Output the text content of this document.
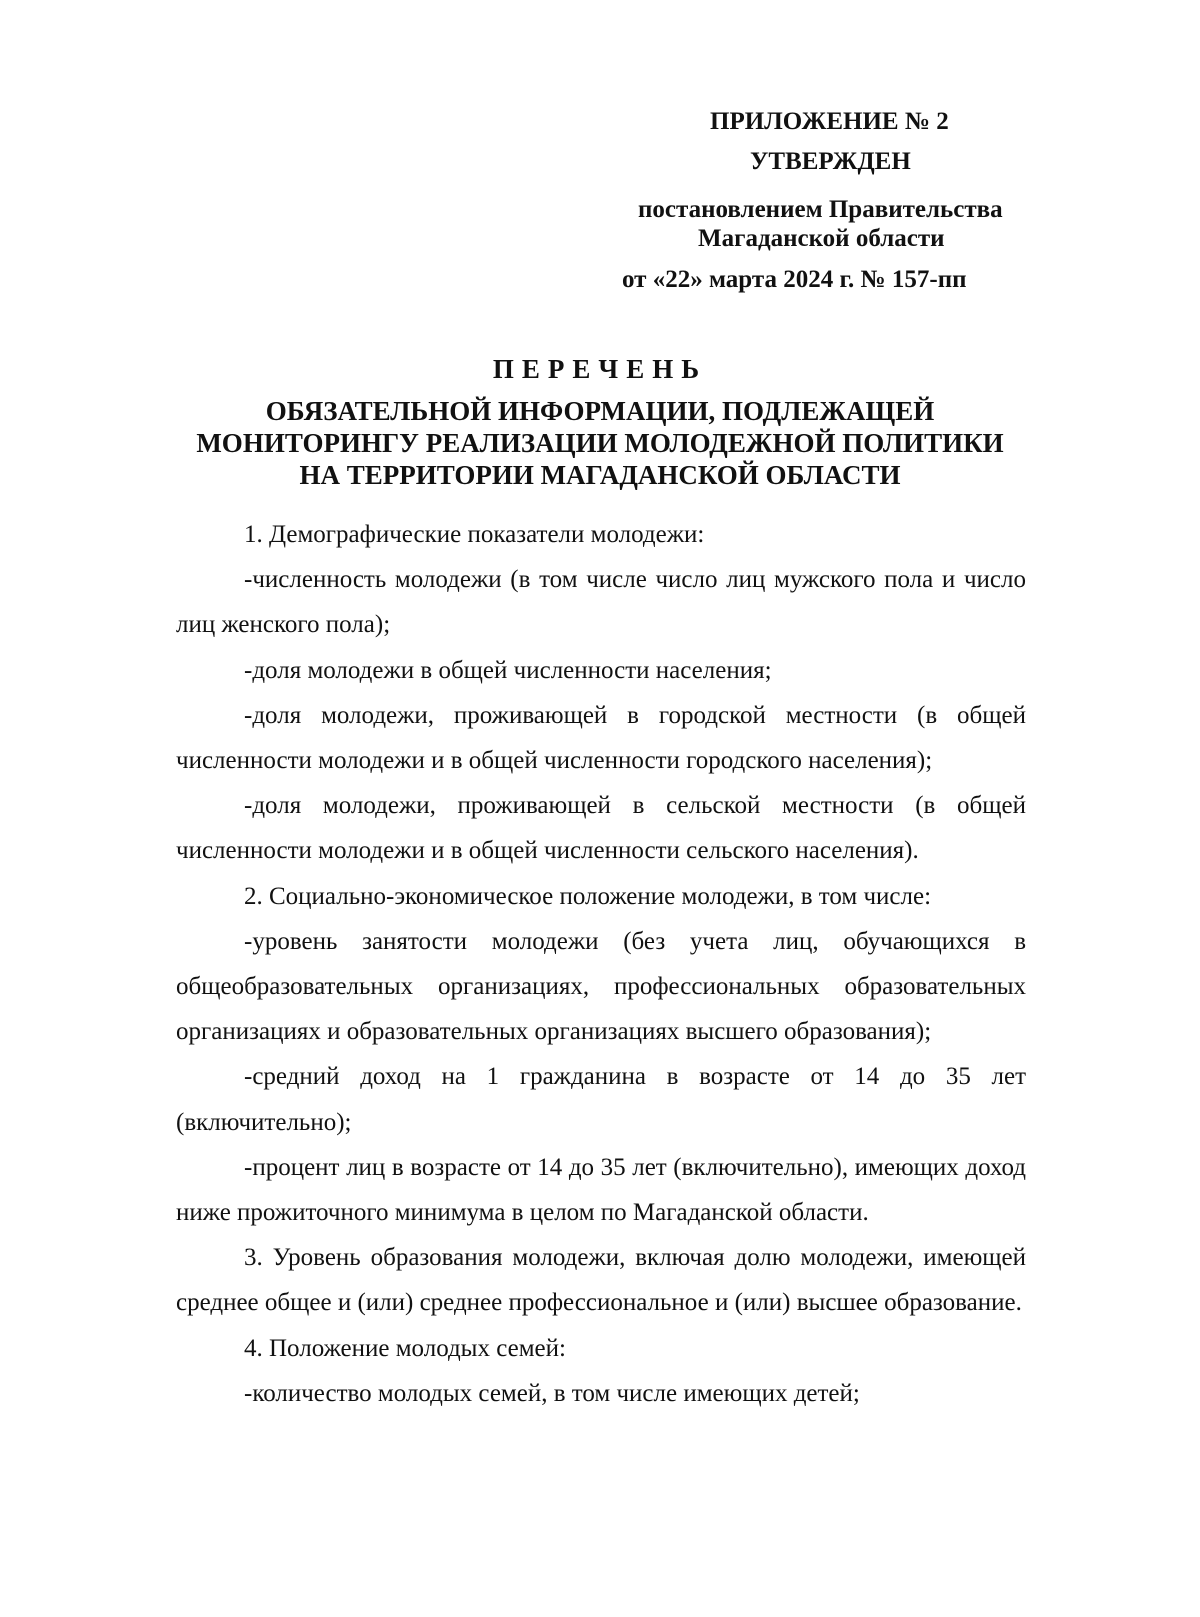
ПРИЛОЖЕНИЕ № 2
УТВЕРЖДЕН
постановлением Правительства
Магаданской области
от «22» марта 2024 г. № 157-пп
ПЕРЕЧЕНЬ
ОБЯЗАТЕЛЬНОЙ ИНФОРМАЦИИ, ПОДЛЕЖАЩЕЙ
МОНИТОРИНГУ РЕАЛИЗАЦИИ МОЛОДЕЖНОЙ ПОЛИТИКИ
НА ТЕРРИТОРИИ МАГАДАНСКОЙ ОБЛАСТИ

1. Демографические показатели молодежи:

-численность молодежи (в том числе число лиц мужского пола и число лиц женского пола);

-доля молодежи в общей численности населения;

-доля молодежи, проживающей в городской местности (в общей численности молодежи и в общей численности городского населения);

-доля молодежи, проживающей в сельской местности (в общей численности молодежи и в общей численности сельского населения).

2. Социально-экономическое положение молодежи, в том числе:

-уровень занятости молодежи (без учета лиц, обучающихся в общеобразовательных организациях, профессиональных образовательных организациях и образовательных организациях высшего образования);

-средний доход на 1 гражданина в возрасте от 14 до 35 лет (включительно);

-процент лиц в возрасте от 14 до 35 лет (включительно), имеющих доход ниже прожиточного минимума в целом по Магаданской области.

3. Уровень образования молодежи, включая долю молодежи, имеющей среднее общее и (или) среднее профессиональное и (или) высшее образование.

4. Положение молодых семей:

-количество молодых семей, в том числе имеющих детей;
